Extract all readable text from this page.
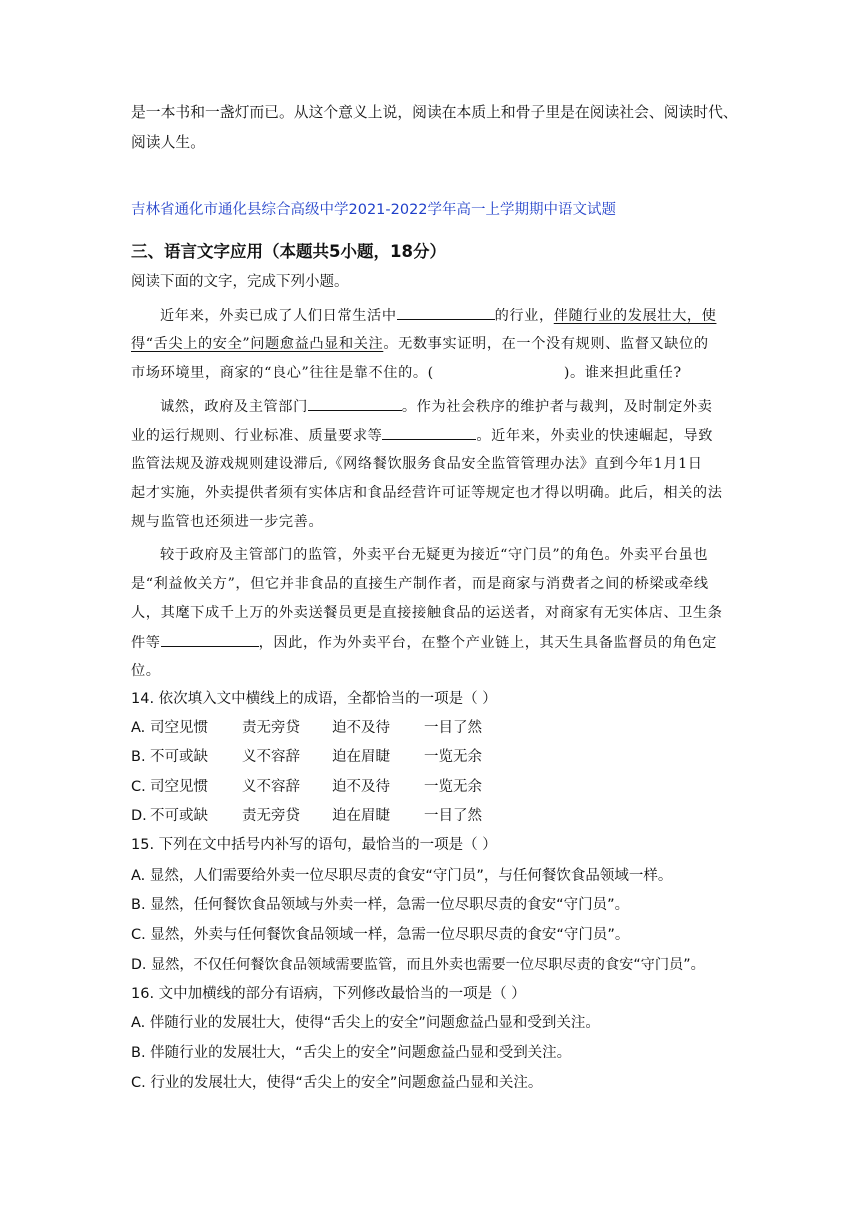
是一本书和一盏灯而已。从这个意义上说，阅读在本质上和骨子里是在阅读社会、阅读时代、
阅读人生。
吉林省通化市通化县综合高级中学2021-2022学年高一上学期期中语文试题
三、语言文字应用（本题共5小题，18分）
阅读下面的文字，完成下列小题。
近年来，外卖已成了人们日常生活中	的行业，伴随行业的发展壮大，使
得“舌尖上的安全”问题愈益凸显和关注。无数事实证明，在一个没有规则、监督又缺位的
市场环境里，商家的“良心”往往是靠不住的。(	)。谁来担此重任?
诚然，政府及主管部门	。作为社会秩序的维护者与裁判，及时制定外卖
业的运行规则、行业标准、质量要求等	。近年来，外卖业的快速崛起，导致
监管法规及游戏规则建设滞后,《网络餐饮服务食品安全监管管理办法》直到今年1月1日
起才实施，外卖提供者须有实体店和食品经营许可证等规定也才得以明确。此后，相关的法
规与监管也还须进一步完善。
较于政府及主管部门的监管，外卖平台无疑更为接近“守门员”的角色。外卖平台虽也
是“利益攸关方”，但它并非食品的直接生产制作者，而是商家与消费者之间的桥梁或牵线
人，其麾下成千上万的外卖送餐员更是直接接触食品的运送者，对商家有无实体店、卫生条
件等	，因此，作为外卖平台，在整个产业链上，其天生具备监督员的角色定
位。
14. 依次填入文中横线上的成语，全都恰当的一项是（ ）
A. 司空见惯 责无旁贷 迫不及待 一目了然
B. 不可或缺 义不容辞 迫在眉睫 一览无余
C. 司空见惯 义不容辞 迫不及待 一览无余
D. 不可或缺 责无旁贷 迫在眉睫 一目了然
15. 下列在文中括号内补写的语句，最恰当的一项是（ ）
A. 显然，人们需要给外卖一位尽职尽责的食安“守门员”，与任何餐饮食品领域一样。
B. 显然，任何餐饮食品领域与外卖一样，急需一位尽职尽责的食安“守门员”。
C. 显然，外卖与任何餐饮食品领域一样，急需一位尽职尽责的食安“守门员”。
D. 显然，不仅任何餐饮食品领域需要监管，而且外卖也需要一位尽职尽责的食安“守门员”。
16. 文中加横线的部分有语病，下列修改最恰当的一项是（ ）
A. 伴随行业的发展壮大，使得“舌尖上的安全”问题愈益凸显和受到关注。
B. 伴随行业的发展壮大，“舌尖上的安全”问题愈益凸显和受到关注。
C. 行业的发展壮大，使得“舌尖上的安全”问题愈益凸显和关注。
